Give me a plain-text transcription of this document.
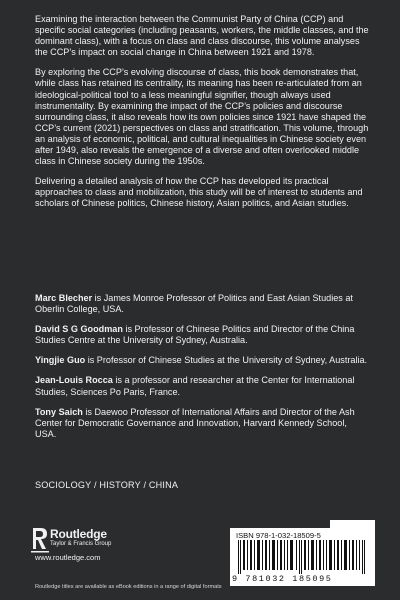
Examining the interaction between the Communist Party of China (CCP) and specific social categories (including peasants, workers, the middle classes, and the dominant class), with a focus on class and class discourse, this volume analyses the CCP’s impact on social change in China between 1921 and 1978.

By exploring the CCP’s evolving discourse of class, this book demonstrates that, while class has retained its centrality, its meaning has been re-articulated from an ideological-political tool to a less meaningful signifier, though always used instrumentality. By examining the impact of the CCP’s policies and discourse surrounding class, it also reveals how its own policies since 1921 have shaped the CCP’s current (2021) perspectives on class and stratification. This volume, through an analysis of economic, political, and cultural inequalities in Chinese society even after 1949, also reveals the emergence of a diverse and often overlooked middle class in Chinese society during the 1950s.

Delivering a detailed analysis of how the CCP has developed its practical approaches to class and mobilization, this study will be of interest to students and scholars of Chinese politics, Chinese history, Asian politics, and Asian studies.

Marc Blecher is James Monroe Professor of Politics and East Asian Studies at Oberlin College, USA.

David S G Goodman is Professor of Chinese Politics and Director of the China Studies Centre at the University of Sydney, Australia.

Yingjie Guo is Professor of Chinese Studies at the University of Sydney, Australia.

Jean-Louis Rocca is a professor and researcher at the Center for International Studies, Sciences Po Paris, France.

Tony Saich is Daewoo Professor of International Affairs and Director of the Ash Center for Democratic Governance and Innovation, Harvard Kennedy School, USA.

SOCIOLOGY / HISTORY / CHINA
Routledge
Taylor & Francis Group
www.routledge.com
Routledge titles are available as eBook editions in a range of digital formats
ISBN 978-1-032-18509-5
9 781032 185095
